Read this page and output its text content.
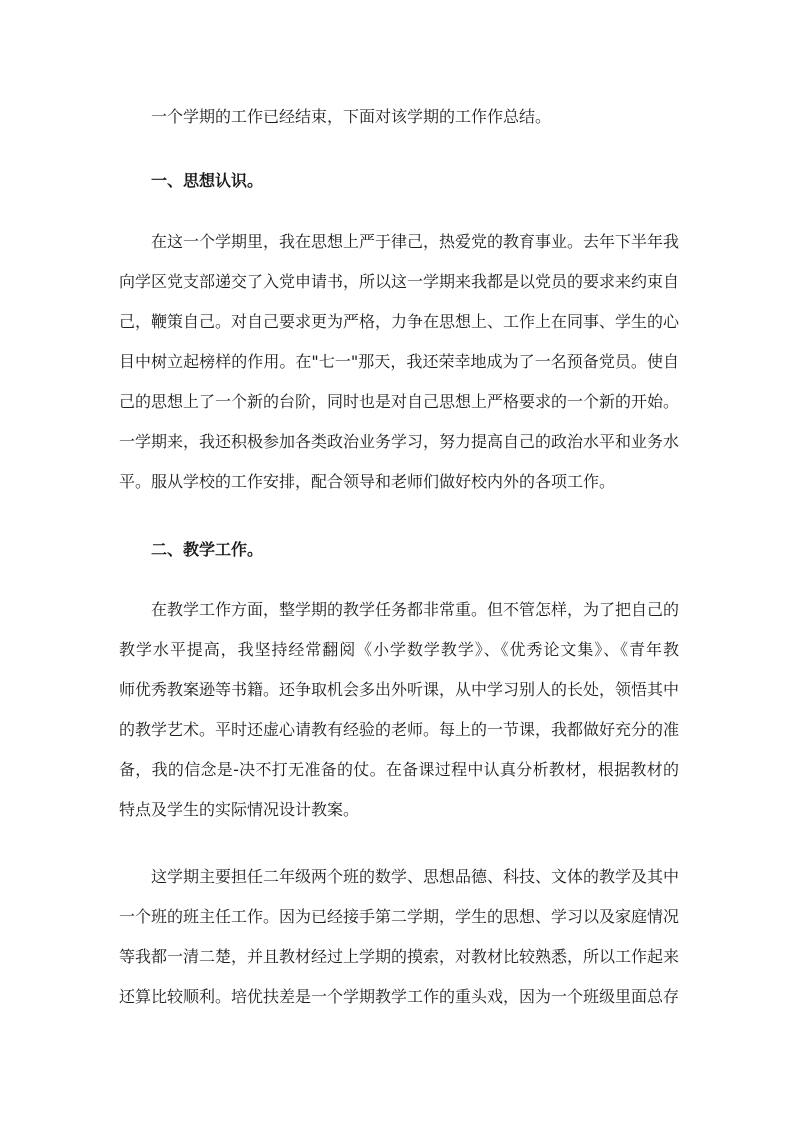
一个学期的工作已经结束，下面对该学期的工作作总结。
一、思想认识。
在这一个学期里，我在思想上严于律己，热爱党的教育事业。去年下半年我
向学区党支部递交了入党申请书，所以这一学期来我都是以党员的要求来约束自
己，鞭策自己。对自己要求更为严格，力争在思想上、工作上在同事、学生的心
目中树立起榜样的作用。在"七一"那天，我还荣幸地成为了一名预备党员。使自
己的思想上了一个新的台阶，同时也是对自己思想上严格要求的一个新的开始。
一学期来，我还积极参加各类政治业务学习，努力提高自己的政治水平和业务水
平。服从学校的工作安排，配合领导和老师们做好校内外的各项工作。
二、教学工作。
在教学工作方面，整学期的教学任务都非常重。但不管怎样，为了把自己的
教学水平提高，我坚持经常翻阅《小学数学教学》、《优秀论文集》、《青年教
师优秀教案逊等书籍。还争取机会多出外听课，从中学习别人的长处，领悟其中
的教学艺术。平时还虚心请教有经验的老师。每上的一节课，我都做好充分的准
备，我的信念是-决不打无准备的仗。在备课过程中认真分析教材，根据教材的
特点及学生的实际情况设计教案。
这学期主要担任二年级两个班的数学、思想品德、科技、文体的教学及其中
一个班的班主任工作。因为已经接手第二学期，学生的思想、学习以及家庭情况
等我都一清二楚，并且教材经过上学期的摸索，对教材比较熟悉，所以工作起来
还算比较顺利。培优扶差是一个学期教学工作的重头戏，因为一个班级里面总存
